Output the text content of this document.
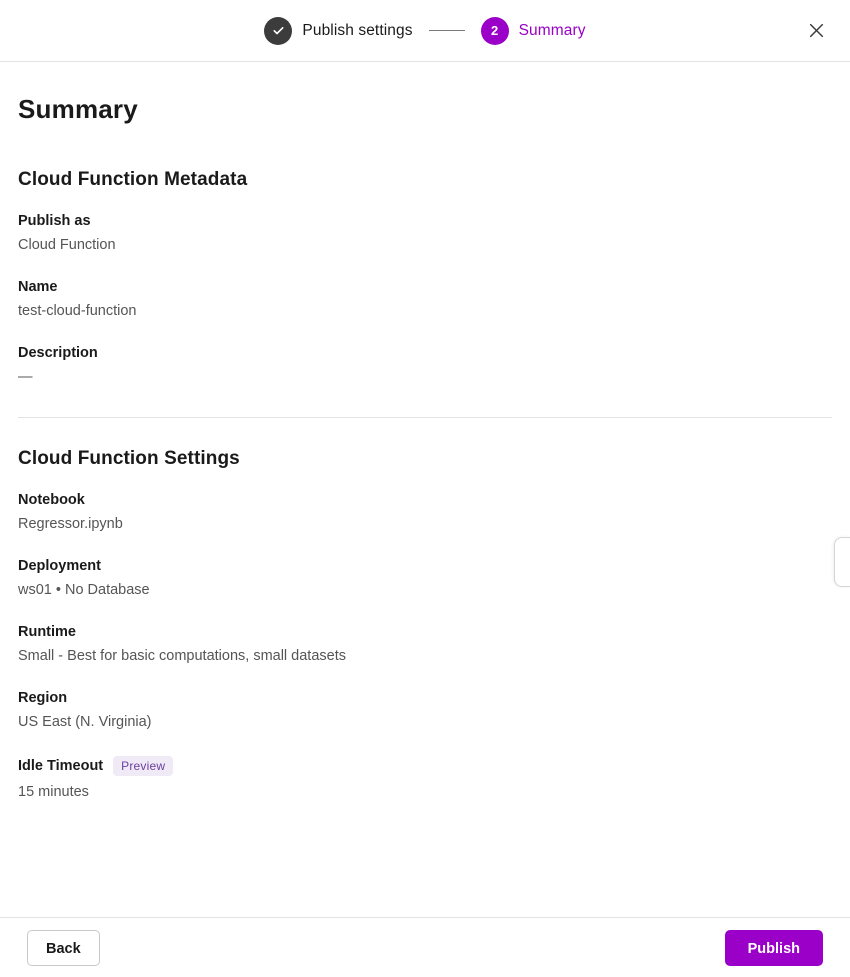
Publish settings	2	Summary
Summary
Cloud Function Metadata
Publish as
Cloud Function
Name
test-cloud-function
Description
—
Cloud Function Settings
Notebook
Regressor.ipynb
Deployment
ws01 • No Database
Runtime
Small - Best for basic computations, small datasets
Region
US East (N. Virginia)
Idle Timeout	Preview
15 minutes
Back	Publish
